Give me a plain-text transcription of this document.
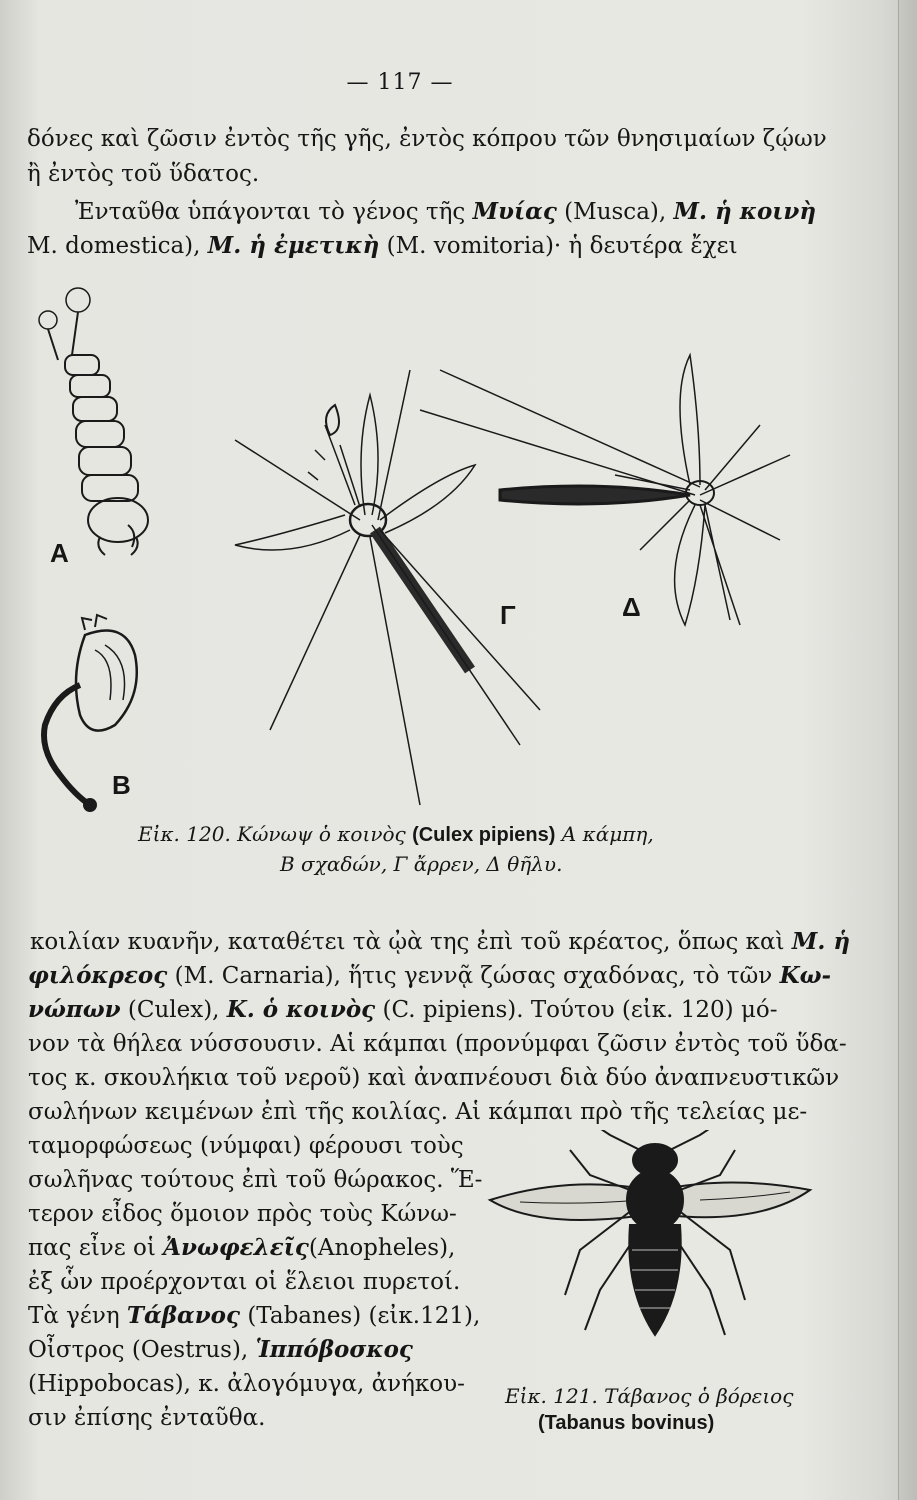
— 117 —
δόνες καὶ ζῶσιν ἐντὸς τῆς γῆς, ἐντὸς κόπρου τῶν θνησιμαίων ζῴων
ἢ ἐντὸς τοῦ ὕδατος.
Ἐνταῦθα ὑπάγονται τὸ γένος τῆς Μυίας (Musca), Μ. ἡ κοινὴ
M. domestica), Μ. ἡ ἐμετικὴ (M. vomitoria)· ἡ δευτέρα ἔχει
A
B
Γ	Δ
Εἰκ. 120. Κώνωψ ὁ κοινὸς (Culex pipiens) Α κάμπη,
Β σχαδών, Γ ἄρρεν, Δ θῆλυ.
κοιλίαν κυανῆν, καταθέτει τὰ ᾠὰ της ἐπὶ τοῦ κρέατος, ὅπως καὶ Μ. ἡ
φιλόκρεος (M. Carnaria), ἥτις γεννᾷ ζώσας σχαδόνας, τὸ τῶν Κω-
νώπων (Culex), Κ. ὁ κοινὸς (C. pipiens). Τούτου (εἰκ. 120) μό-
νον τὰ θήλεα νύσσουσιν. Αἱ κάμπαι (προνύμφαι ζῶσιν ἐντὸς τοῦ ὕδα-
τος κ. σκουλήκια τοῦ νεροῦ) καὶ ἀναπνέουσι διὰ δύο ἀναπνευστικῶν
σωλήνων κειμένων ἐπὶ τῆς κοιλίας. Αἱ κάμπαι πρὸ τῆς τελείας με-
ταμορφώσεως (νύμφαι) φέρουσι τοὺς
σωλῆνας τούτους ἐπὶ τοῦ θώρακος. Ἕ-
τερον εἶδος ὅμοιον πρὸς τοὺς Κώνω-
πας εἶνε οἱ Ἀνωφελεῖς(Anopheles),
ἐξ ὧν προέρχονται οἱ ἕλειοι πυρετοί.
Τὰ γένη Τάβανος (Tabanes) (εἰκ.121),
Οἶστρος (Oestrus), Ἱππόβοσκος
(Hippobocas), κ. ἀλογόμυγα, ἀνήκου-
σιν ἐπίσης ἐνταῦθα.
Εἰκ. 121. Τάβανος ὁ βόρειος
(Tabanus bovinus)
